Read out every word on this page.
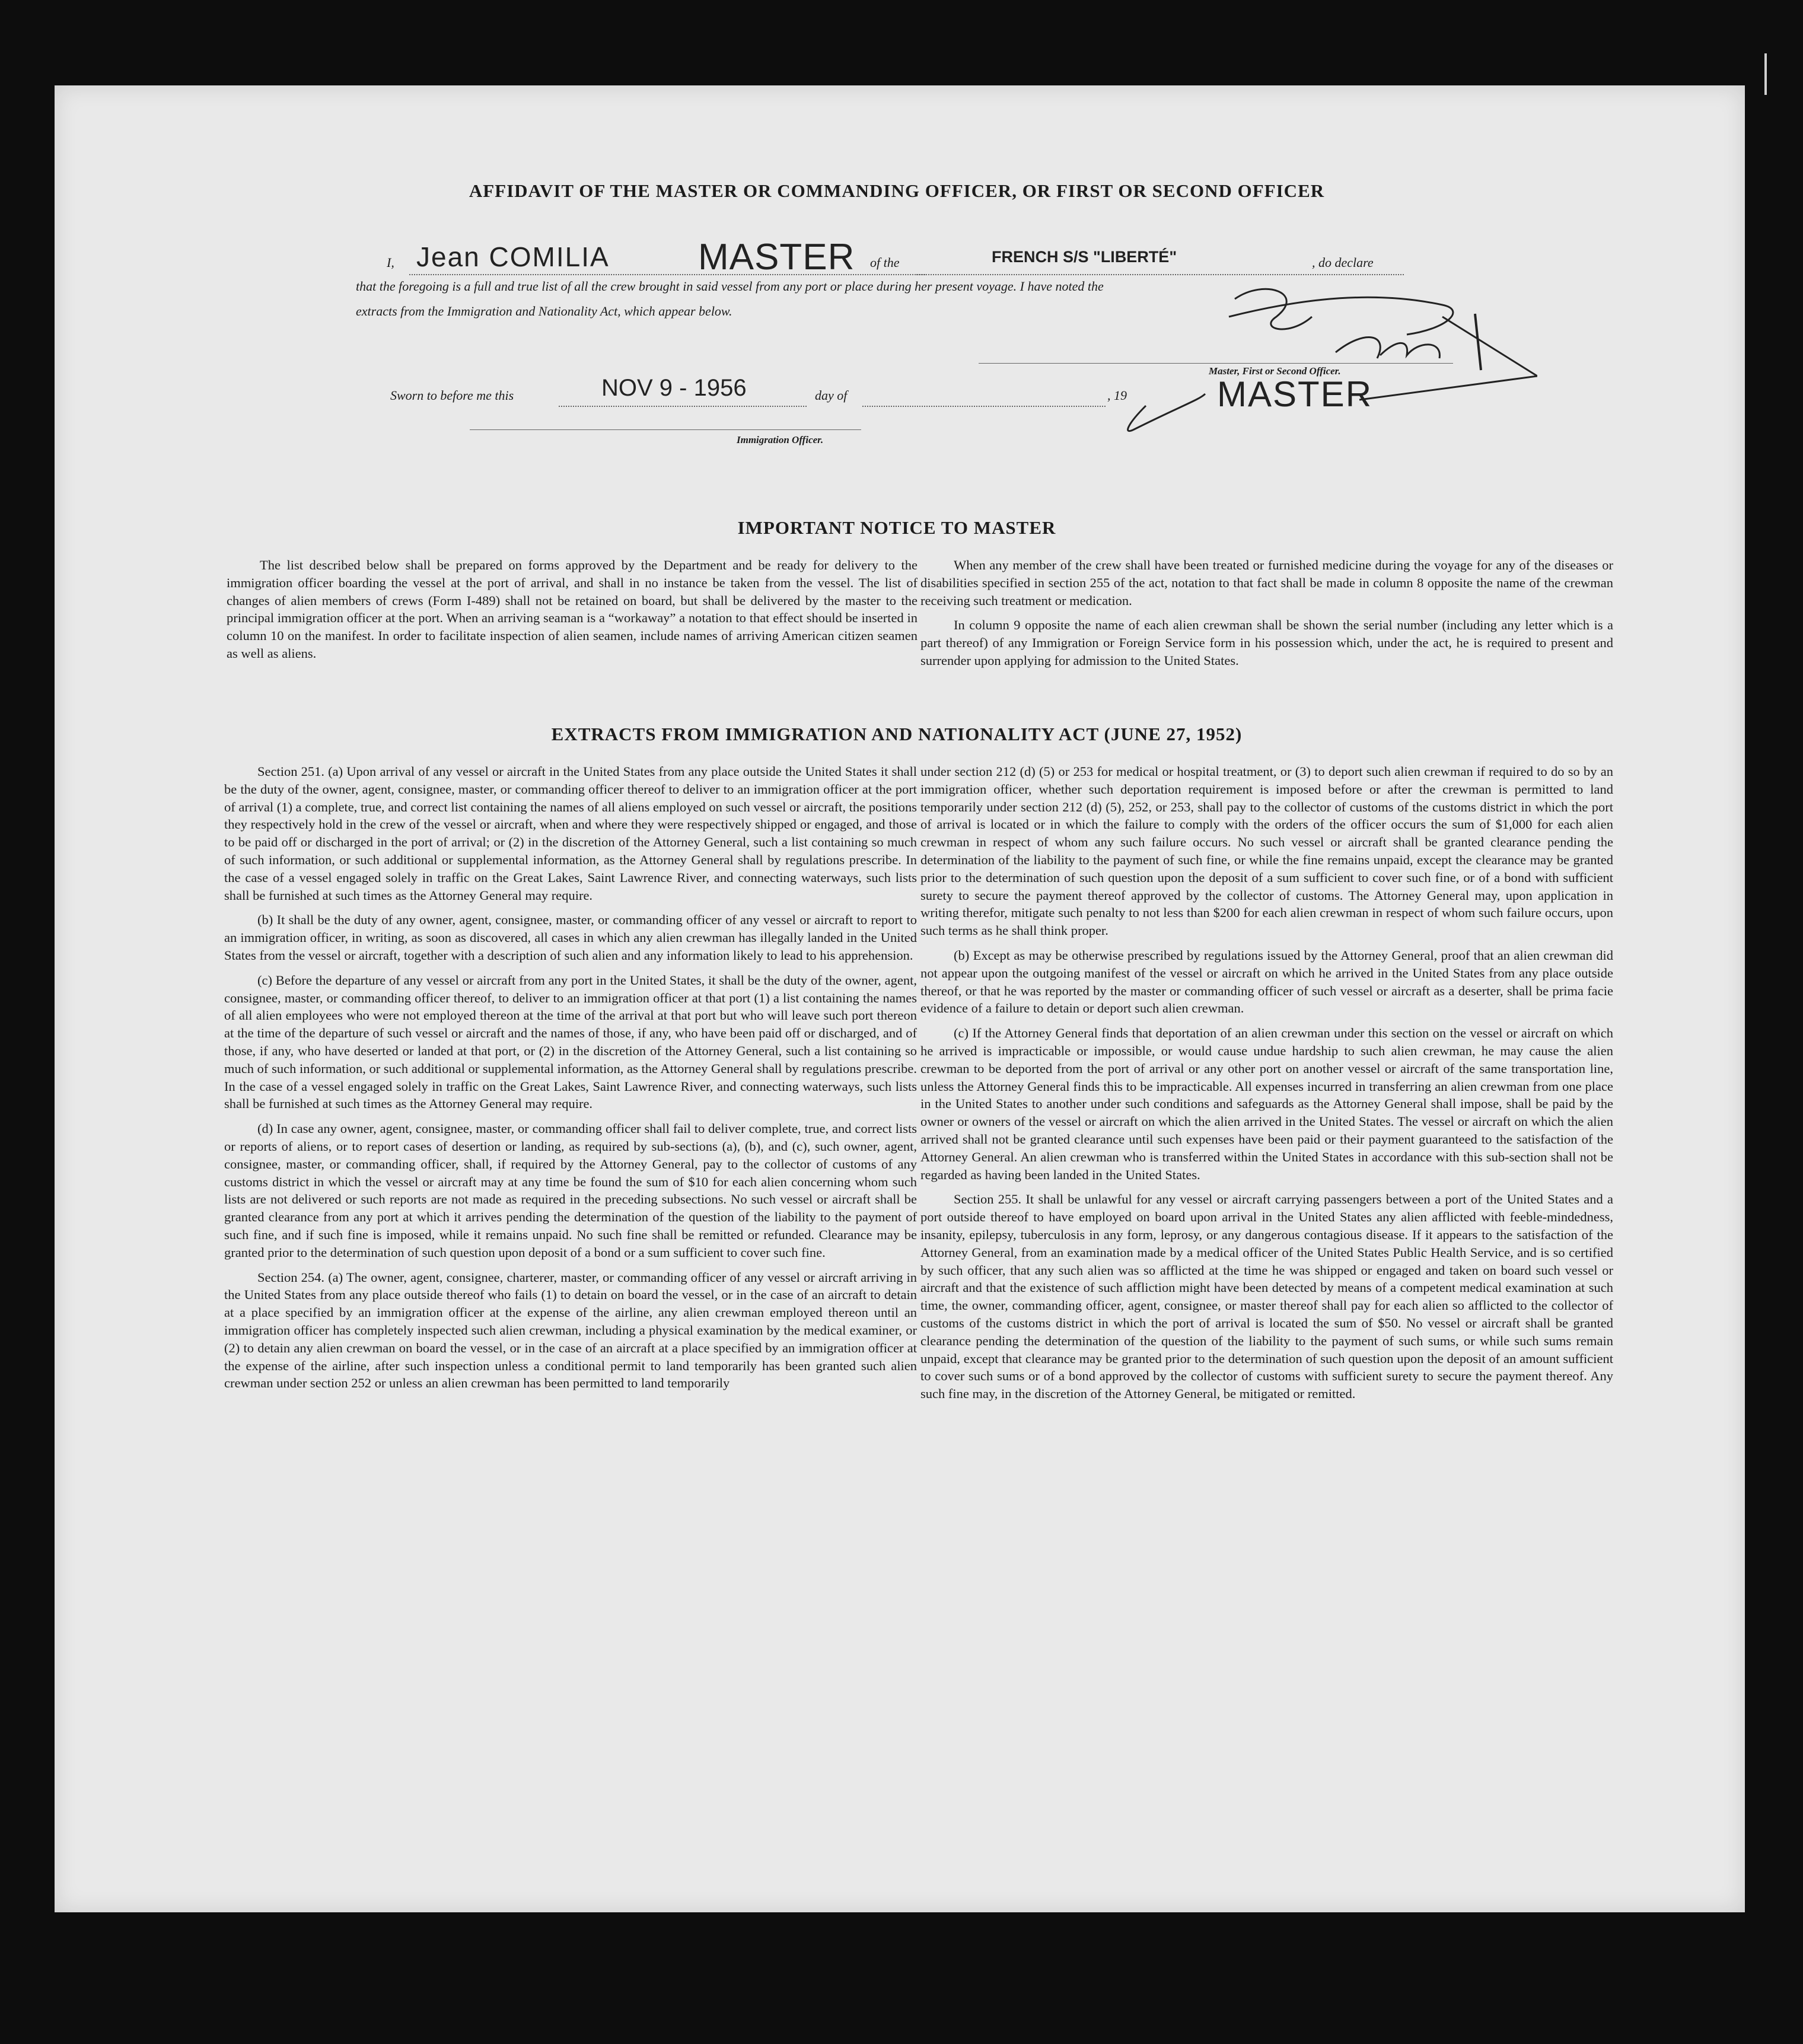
AFFIDAVIT OF THE MASTER OR COMMANDING OFFICER, OR FIRST OR SECOND OFFICER
I, Jean COMILIA MASTER of the	FRENCH S/S "LIBERTÉ"	, do declare
that the foregoing is a full and true list of all the crew brought in said vessel from any port or place during her present voyage. I have noted the
extracts from the Immigration and Nationality Act, which appear below.
Master, First or Second Officer.
MASTER
Sworn to before me this	NOV 9 - 1956	day of	, 19
Immigration Officer.
IMPORTANT NOTICE TO MASTER

The list described below shall be prepared on forms approved by the Department and be ready for delivery to the immigration officer boarding the vessel at the port of arrival, and shall in no instance be taken from the vessel. The list of changes of alien members of crews (Form I-489) shall not be retained on board, but shall be delivered by the master to the principal immigration officer at the port. When an arriving seaman is a “workaway” a notation to that effect should be inserted in column 10 on the manifest. In order to facilitate inspection of alien seamen, include names of arriving American citizen seamen as well as aliens.

When any member of the crew shall have been treated or furnished medicine during the voyage for any of the diseases or disabilities specified in section 255 of the act, notation to that fact shall be made in column 8 opposite the name of the crewman receiving such treatment or medication.

In column 9 opposite the name of each alien crewman shall be shown the serial number (including any letter which is a part thereof) of any Immigration or Foreign Service form in his possession which, under the act, he is required to present and surrender upon applying for admission to the United States.

EXTRACTS FROM IMMIGRATION AND NATIONALITY ACT (JUNE 27, 1952)

Section 251. (a) Upon arrival of any vessel or aircraft in the United States from any place outside the United States it shall be the duty of the owner, agent, consignee, master, or commanding officer thereof to deliver to an immigration officer at the port of arrival (1) a complete, true, and correct list containing the names of all aliens employed on such vessel or aircraft, the positions they respectively hold in the crew of the vessel or aircraft, when and where they were respectively shipped or engaged, and those to be paid off or discharged in the port of arrival; or (2) in the discretion of the Attorney General, such a list containing so much of such information, or such additional or supplemental information, as the Attorney General shall by regulations prescribe. In the case of a vessel engaged solely in traffic on the Great Lakes, Saint Lawrence River, and connecting waterways, such lists shall be furnished at such times as the Attorney General may require.

(b) It shall be the duty of any owner, agent, consignee, master, or commanding officer of any vessel or aircraft to report to an immigration officer, in writing, as soon as discovered, all cases in which any alien crewman has illegally landed in the United States from the vessel or aircraft, together with a description of such alien and any information likely to lead to his apprehension.

(c) Before the departure of any vessel or aircraft from any port in the United States, it shall be the duty of the owner, agent, consignee, master, or commanding officer thereof, to deliver to an immigration officer at that port (1) a list containing the names of all alien employees who were not employed thereon at the time of the arrival at that port but who will leave such port thereon at the time of the departure of such vessel or aircraft and the names of those, if any, who have been paid off or discharged, and of those, if any, who have deserted or landed at that port, or (2) in the discretion of the Attorney General, such a list containing so much of such information, or such additional or supplemental information, as the Attorney General shall by regulations prescribe. In the case of a vessel engaged solely in traffic on the Great Lakes, Saint Lawrence River, and connecting waterways, such lists shall be furnished at such times as the Attorney General may require.

(d) In case any owner, agent, consignee, master, or commanding officer shall fail to deliver complete, true, and correct lists or reports of aliens, or to report cases of desertion or landing, as required by sub-sections (a), (b), and (c), such owner, agent, consignee, master, or commanding officer, shall, if required by the Attorney General, pay to the collector of customs of any customs district in which the vessel or aircraft may at any time be found the sum of $10 for each alien concerning whom such lists are not delivered or such reports are not made as required in the preceding subsections. No such vessel or aircraft shall be granted clearance from any port at which it arrives pending the determination of the question of the liability to the payment of such fine, and if such fine is imposed, while it remains unpaid. No such fine shall be remitted or refunded. Clearance may be granted prior to the determination of such question upon deposit of a bond or a sum sufficient to cover such fine.

Section 254. (a) The owner, agent, consignee, charterer, master, or commanding officer of any vessel or aircraft arriving in the United States from any place outside thereof who fails (1) to detain on board the vessel, or in the case of an aircraft to detain at a place specified by an immigration officer at the expense of the airline, any alien crewman employed thereon until an immigration officer has completely inspected such alien crewman, including a physical examination by the medical examiner, or (2) to detain any alien crewman on board the vessel, or in the case of an aircraft at a place specified by an immigration officer at the expense of the airline, after such inspection unless a conditional permit to land temporarily has been granted such alien crewman under section 252 or unless an alien crewman has been permitted to land temporarily

under section 212 (d) (5) or 253 for medical or hospital treatment, or (3) to deport such alien crewman if required to do so by an immigration officer, whether such deportation requirement is imposed before or after the crewman is permitted to land temporarily under section 212 (d) (5), 252, or 253, shall pay to the collector of customs of the customs district in which the port of arrival is located or in which the failure to comply with the orders of the officer occurs the sum of $1,000 for each alien crewman in respect of whom any such failure occurs. No such vessel or aircraft shall be granted clearance pending the determination of the liability to the payment of such fine, or while the fine remains unpaid, except the clearance may be granted prior to the determination of such question upon the deposit of a sum sufficient to cover such fine, or of a bond with sufficient surety to secure the payment thereof approved by the collector of customs. The Attorney General may, upon application in writing therefor, mitigate such penalty to not less than $200 for each alien crewman in respect of whom such failure occurs, upon such terms as he shall think proper.

(b) Except as may be otherwise prescribed by regulations issued by the Attorney General, proof that an alien crewman did not appear upon the outgoing manifest of the vessel or aircraft on which he arrived in the United States from any place outside thereof, or that he was reported by the master or commanding officer of such vessel or aircraft as a deserter, shall be prima facie evidence of a failure to detain or deport such alien crewman.

(c) If the Attorney General finds that deportation of an alien crewman under this section on the vessel or aircraft on which he arrived is impracticable or impossible, or would cause undue hardship to such alien crewman, he may cause the alien crewman to be deported from the port of arrival or any other port on another vessel or aircraft of the same transportation line, unless the Attorney General finds this to be impracticable. All expenses incurred in transferring an alien crewman from one place in the United States to another under such conditions and safeguards as the Attorney General shall impose, shall be paid by the owner or owners of the vessel or aircraft on which the alien arrived in the United States. The vessel or aircraft on which the alien arrived shall not be granted clearance until such expenses have been paid or their payment guaranteed to the satisfaction of the Attorney General. An alien crewman who is transferred within the United States in accordance with this sub-section shall not be regarded as having been landed in the United States.

Section 255. It shall be unlawful for any vessel or aircraft carrying passengers between a port of the United States and a port outside thereof to have employed on board upon arrival in the United States any alien afflicted with feeble-mindedness, insanity, epilepsy, tuberculosis in any form, leprosy, or any dangerous contagious disease. If it appears to the satisfaction of the Attorney General, from an examination made by a medical officer of the United States Public Health Service, and is so certified by such officer, that any such alien was so afflicted at the time he was shipped or engaged and taken on board such vessel or aircraft and that the existence of such affliction might have been detected by means of a competent medical examination at such time, the owner, commanding officer, agent, consignee, or master thereof shall pay for each alien so afflicted to the collector of customs of the customs district in which the port of arrival is located the sum of $50. No vessel or aircraft shall be granted clearance pending the determination of the question of the liability to the payment of such sums, or while such sums remain unpaid, except that clearance may be granted prior to the determination of such question upon the deposit of an amount sufficient to cover such sums or of a bond approved by the collector of customs with sufficient surety to secure the payment thereof. Any such fine may, in the discretion of the Attorney General, be mitigated or remitted.
